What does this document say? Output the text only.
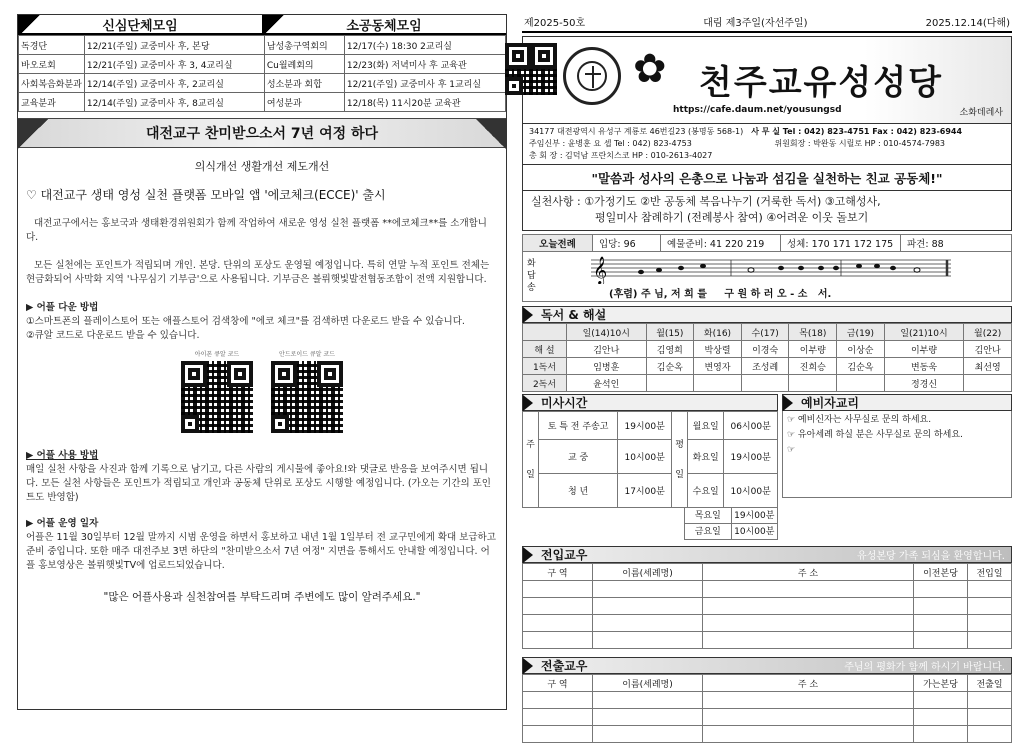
신심단체모임	소공동체모임
독경단	12/21(주일) 교중미사 후, 본당	남성총구역회의	12/17(수) 18:30 2교리실
바오로회	12/21(주일) 교중미사 후 3, 4교리실	Cu월례회의	12/23(화) 저녁미사 후 교육관
사회복음화분과	12/14(주일) 교중미사 후, 2교리실	성소분과 회합	12/21(주일) 교중미사 후 1교리실
교육분과	12/14(주일) 교중미사 후, 8교리실	여성분과	12/18(목) 11시20분 교육관
대전교구 찬미받으소서 7년 여정 하다
의식개선 생활개선 제도개선
♡ 대전교구 생태 영성 실천 플랫폼 모바일 앱 '에코체크(ECCE)' 출시

대전교구에서는 홍보국과 생태환경위원회가 함께 작업하여 새로운 영성 실천 플랫폼 **에코체크**를 소개합니다.

모든 실천에는 포인트가 적립되며 개인. 본당. 단위의 포상도 운영될 예정입니다. 특히 연말 누적 포인트 전체는 현금화되어 사막화 지역 '나무심기 기부금'으로 사용됩니다. 기부금은 볼뤼햇빛발전협동조합이 전액 지원합니다.

▶ 어플 다운 방법

①스마트폰의 플레이스토어 또는 애플스토어 검색창에 "에코 체크"를 검색하면 다운로드 받을 수 있습니다.

②큐알 코드로 다운로드 받을 수 있습니다.

아이폰 큐알 코드	안드로이드 큐알 코드

▶ 어플 사용 방법

매일 실천 사항을 사진과 함께 기록으로 남기고, 다른 사람의 게시물에 좋아요!와 댓글로 반응을 보여주시면 됩니다. 모든 실천 사항들은 포인트가 적립되고 개인과 공동체 단위로 포상도 시행할 예정입니다. (가오는 기간의 포인트도 반영함)

▶ 어플 운영 일자

어플은 11월 30일부터 12월 말까지 시범 운영을 하면서 홍보하고 내년 1월 1일부터 전 교구민에게 확대 보급하고 준비 중입니다. 또한 매주 대전주보 3면 하단의 "찬미받으소서 7년 여정" 지면을 통해서도 안내할 예정입니다. 어플 홍보영상은 볼뤼햇빛TV에 업로드되었습니다.

"많은 어플사용과 실천참여를 부탁드리며 주변에도 많이 알려주세요."

제2025-50호	대림 제3주일(자선주일)	2025.12.14(다해)
✿ 천주교유성성당
https://cafe.daum.net/yousungsd	소화데레사
34177 대전광역시 유성구 계룡로 46번길23 (봉명동 568-1) 사 무 실 Tel : 042) 823-4751 Fax : 042) 823-6944
주임신부 : 윤병훈 요 셉 Tel : 042) 823-4753	위원회장 : 박완동 시릴로 HP : 010-4574-7983
총 회 장 : 김덕남 프란치스코 HP : 010-2613-4027
"말씀과 성사의 은총으로 나눔과 섬김을 실천하는 친교 공동체!"
실천사항 : ①가정기도 ②반 공동체 복음나누기 (거룩한 독서) ③고해성사,
평일미사 참례하기 (전례봉사 참여) ④어려운 이웃 돌보기
오늘전례	입당: 96	예물준비: 41 220 219	성체: 170 171 172 175	파견: 88
화답송
𝄞
(후렴) 주 님, 저 희 를     구 원 하 러 오 - 소   서.
독서 & 해설
	일(14)10시	월(15)	화(16)	수(17)	목(18)	금(19)	일(21)10시	월(22)
해 설	김안나	김영희	박상렬	이경숙	이부량	이상순	이부량	김안나
1독서	임병훈	김순옥	변영자	조성례	진희승	김순옥	변동욱	최선영
2독서	윤석인						정경신	
미사시간
주일	토 특 전 주송고	19시00분	평일	월요일	06시00분
	교 중	10시00분		화요일	19시00분
	청 년	17시00분		수요일	10시00분
목요일	19시00분
금요일	10시00분
예비자교리
☞ 예비신자는 사무실로 문의 하세요.
☞ 유아세례 하실 분은 사무실로 문의 하세요.
☞
전입교우	유성본당 가족 되심을 환영합니다.
구 역	이름(세례명)	주 소	이전본당	전입일

전출교우	주님의 평화가 함께 하시기 바랍니다.
구 역	이름(세례명)	주 소	가는본당	전출일
